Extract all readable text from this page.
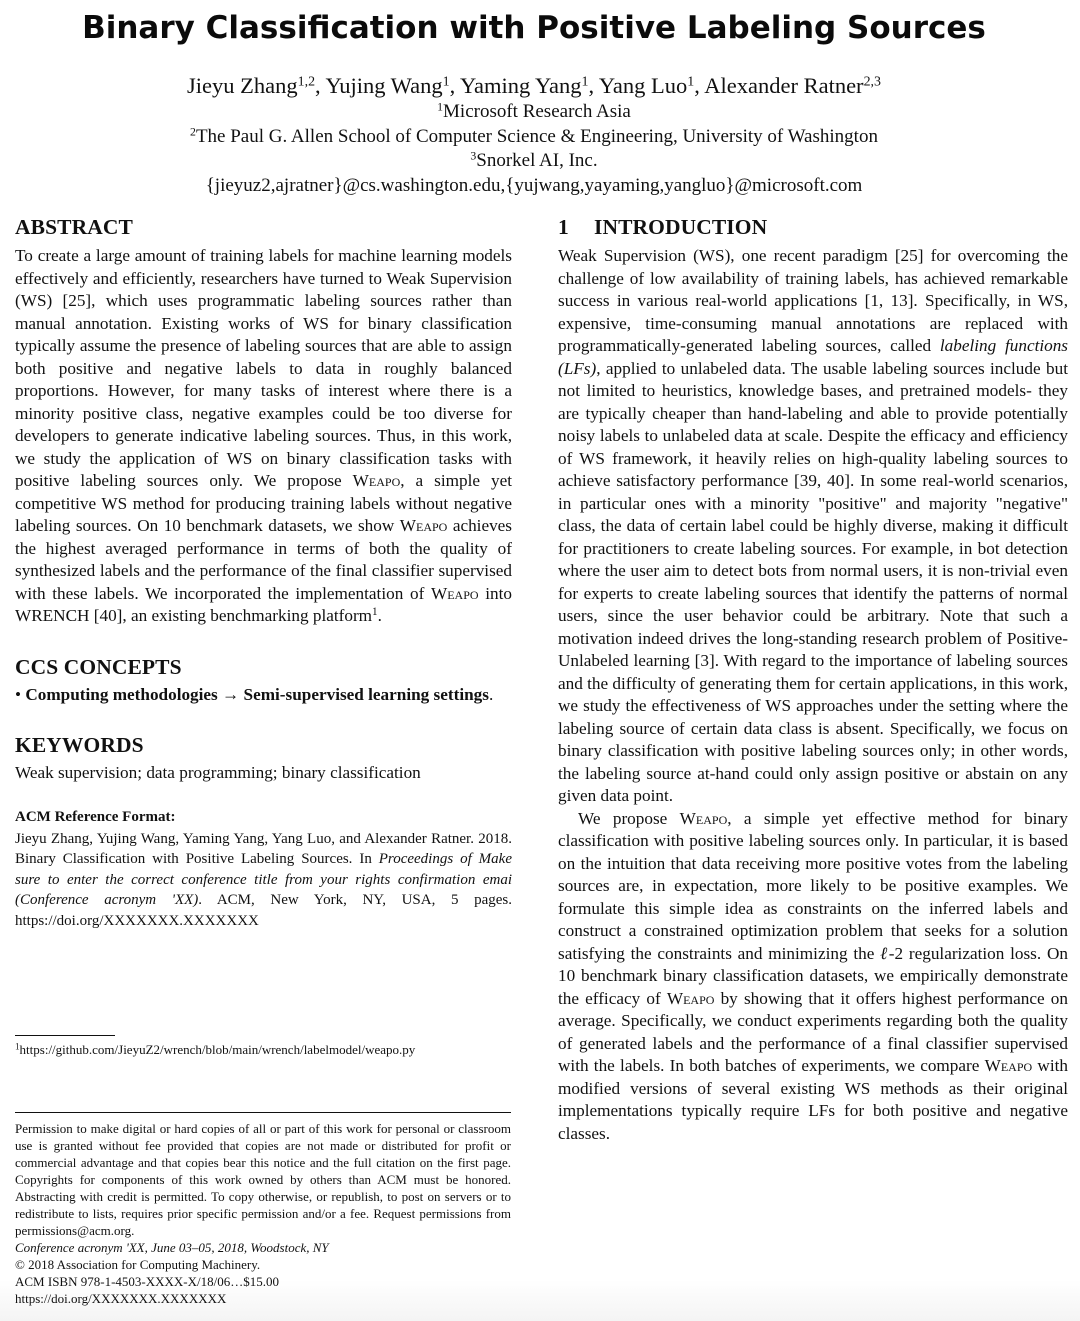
Binary Classification with Positive Labeling Sources
Jieyu Zhang$^{1,2}$, Yujing Wang$^1$, Yaming Yang$^1$, Yang Luo$^1$, Alexander Ratner$^{2,3}$
$^1$Microsoft Research Asia
$^2$The Paul G. Allen School of Computer Science & Engineering, University of Washington
$^3$Snorkel AI, Inc.
{jieyuz2,ajratner}@cs.washington.edu,{yujwang,yayaming,yangluo}@microsoft.com
ABSTRACT

To create a large amount of training labels for machine learning models effectively and efficiently, researchers have turned to Weak Supervision (WS) [25], which uses programmatic labeling sources rather than manual annotation. Existing works of WS for binary classification typically assume the presence of labeling sources that are able to assign both positive and negative labels to data in roughly balanced proportions. However, for many tasks of interest where there is a minority positive class, negative examples could be too diverse for developers to generate indicative labeling sources. Thus, in this work, we study the application of WS on binary classification tasks with positive labeling sources only. We propose Weapo, a simple yet competitive WS method for producing training labels without negative labeling sources. On 10 benchmark datasets, we show Weapo achieves the highest averaged performance in terms of both the quality of synthesized labels and the performance of the final classifier supervised with these labels. We incorporated the implementation of Weapo into WRENCH [40], an existing benchmarking platform$^1$.

CCS CONCEPTS
• Computing methodologies → Semi-supervised learning settings.
KEYWORDS

Weak supervision; data programming; binary classification

ACM Reference Format:

Jieyu Zhang, Yujing Wang, Yaming Yang, Yang Luo, and Alexander Ratner. 2018. Binary Classification with Positive Labeling Sources. In Proceedings of Make sure to enter the correct conference title from your rights confirmation emai (Conference acronym 'XX). ACM, New York, NY, USA, 5 pages. https://doi.org/XXXXXXX.XXXXXXX

$^1$https://github.com/JieyuZ2/wrench/blob/main/wrench/labelmodel/weapo.py

Permission to make digital or hard copies of all or part of this work for personal or classroom use is granted without fee provided that copies are not made or distributed for profit or commercial advantage and that copies bear this notice and the full citation on the first page. Copyrights for components of this work owned by others than ACM must be honored. Abstracting with credit is permitted. To copy otherwise, or republish, to post on servers or to redistribute to lists, requires prior specific permission and/or a fee. Request permissions from permissions@acm.org.

Conference acronym 'XX, June 03–05, 2018, Woodstock, NY

© 2018 Association for Computing Machinery.

ACM ISBN 978-1-4503-XXXX-X/18/06…$15.00

https://doi.org/XXXXXXX.XXXXXXX

1 INTRODUCTION

Weak Supervision (WS), one recent paradigm [25] for overcoming the challenge of low availability of training labels, has achieved remarkable success in various real-world applications [1, 13]. Specifically, in WS, expensive, time-consuming manual annotations are replaced with programmatically-generated labeling sources, called labeling functions (LFs), applied to unlabeled data. The usable labeling sources include but not limited to heuristics, knowledge bases, and pretrained models- they are typically cheaper than hand-labeling and able to provide potentially noisy labels to unlabeled data at scale. Despite the efficacy and efficiency of WS framework, it heavily relies on high-quality labeling sources to achieve satisfactory performance [39, 40]. In some real-world scenarios, in particular ones with a minority "positive" and majority "negative" class, the data of certain label could be highly diverse, making it difficult for practitioners to create labeling sources. For example, in bot detection where the user aim to detect bots from normal users, it is non-trivial even for experts to create labeling sources that identify the patterns of normal users, since the user behavior could be arbitrary. Note that such a motivation indeed drives the long-standing research problem of Positive-Unlabeled learning [3]. With regard to the importance of labeling sources and the difficulty of generating them for certain applications, in this work, we study the effectiveness of WS approaches under the setting where the labeling source of certain data class is absent. Specifically, we focus on binary classification with positive labeling sources only; in other words, the labeling source at-hand could only assign positive or abstain on any given data point.

We propose Weapo, a simple yet effective method for binary classification with positive labeling sources only. In particular, it is based on the intuition that data receiving more positive votes from the labeling sources are, in expectation, more likely to be positive examples. We formulate this simple idea as constraints on the inferred labels and construct a constrained optimization problem that seeks for a solution satisfying the constraints and minimizing the ℓ-2 regularization loss. On 10 benchmark binary classification datasets, we empirically demonstrate the efficacy of Weapo by showing that it offers highest performance on average. Specifically, we conduct experiments regarding both the quality of generated labels and the performance of a final classifier supervised with the labels. In both batches of experiments, we compare Weapo with modified versions of several existing WS methods as their original implementations typically require LFs for both positive and negative classes.
